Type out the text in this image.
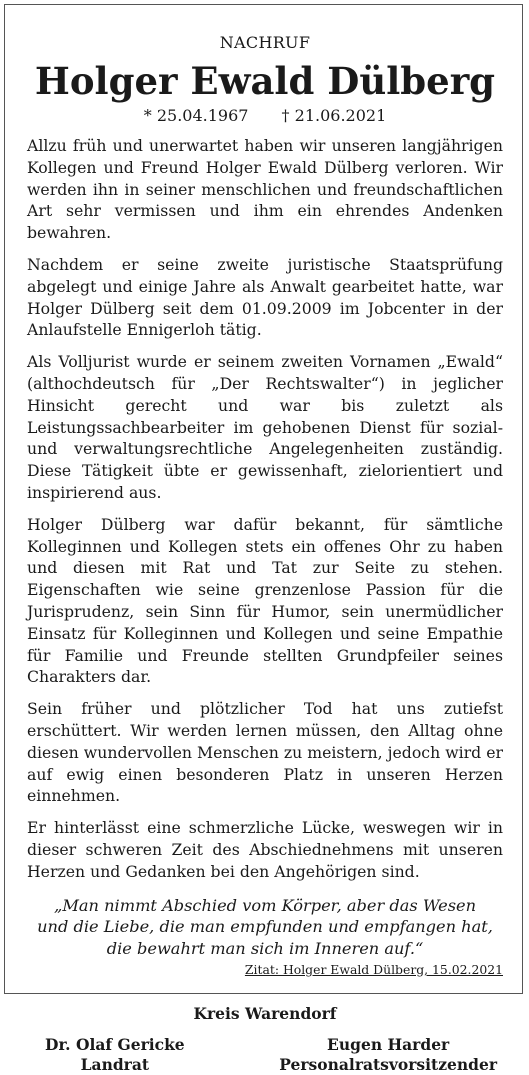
NACHRUF
Holger Ewald Dülberg
* 25.04.1967 † 21.06.2021

Allzu früh und unerwartet haben wir unseren langjährigen Kollegen und Freund Holger Ewald Dülberg verloren. Wir werden ihn in seiner menschlichen und freundschaftlichen Art sehr vermissen und ihm ein ehrendes Andenken bewahren.

Nachdem er seine zweite juristische Staatsprüfung abgelegt und einige Jahre als Anwalt gearbeitet hatte, war Holger Dülberg seit dem 01.09.2009 im Jobcenter in der Anlaufstelle Ennigerloh tätig.

Als Volljurist wurde er seinem zweiten Vornamen „Ewald“ (althochdeutsch für „Der Rechtswalter“) in jeglicher Hinsicht gerecht und war bis zuletzt als Leistungssachbearbeiter im gehobenen Dienst für sozial- und verwaltungsrechtliche Angelegenheiten zuständig. Diese Tätigkeit übte er gewissenhaft, zielorientiert und inspirierend aus.

Holger Dülberg war dafür bekannt, für sämtliche Kolleginnen und Kollegen stets ein offenes Ohr zu haben und diesen mit Rat und Tat zur Seite zu stehen. Eigenschaften wie seine grenzenlose Passion für die Jurisprudenz, sein Sinn für Humor, sein unermüdlicher Einsatz für Kolleginnen und Kollegen und seine Empathie für Familie und Freunde stellten Grundpfeiler seines Charakters dar.

Sein früher und plötzlicher Tod hat uns zutiefst erschüttert. Wir werden lernen müssen, den Alltag ohne diesen wundervollen Menschen zu meistern, jedoch wird er auf ewig einen besonderen Platz in unseren Herzen einnehmen.

Er hinterlässt eine schmerzliche Lücke, weswegen wir in dieser schweren Zeit des Abschiednehmens mit unseren Herzen und Gedanken bei den Angehörigen sind.

„Man nimmt Abschied vom Körper, aber das Wesen
und die Liebe, die man empfunden und empfangen hat,
die bewahrt man sich im Inneren auf.“
Zitat: Holger Ewald Dülberg, 15.02.2021
Kreis Warendorf
Dr. Olaf Gericke
Landrat
Eugen Harder
Personalratsvorsitzender
